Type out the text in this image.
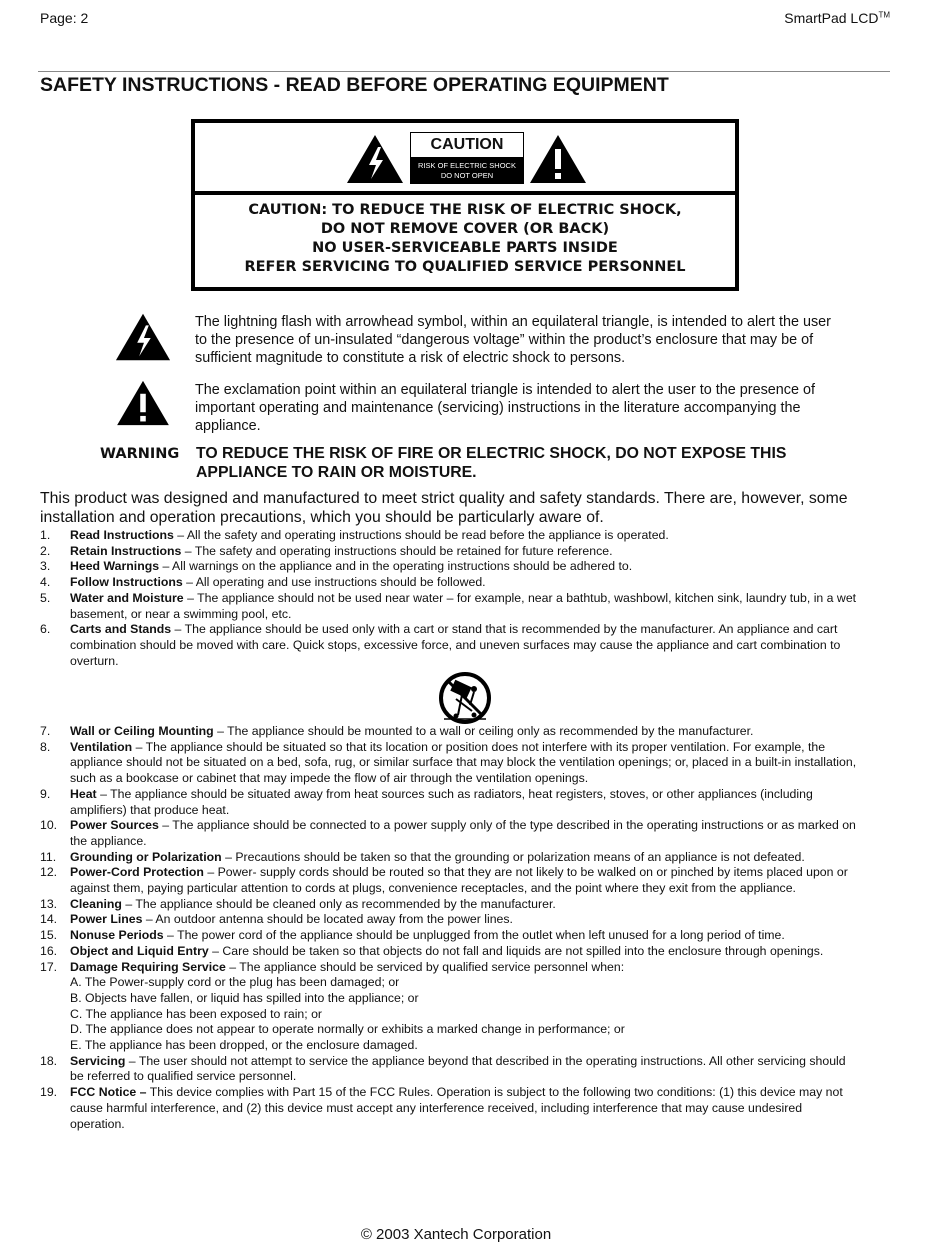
Page: 2	SmartPad LCD™
SAFETY INSTRUCTIONS - READ BEFORE OPERATING EQUIPMENT
CAUTION
RISK OF ELECTRIC SHOCK
DO NOT OPEN
CAUTION: TO REDUCE THE RISK OF ELECTRIC SHOCK,
DO NOT REMOVE COVER (OR BACK)
NO USER-SERVICEABLE PARTS INSIDE
REFER SERVICING TO QUALIFIED SERVICE PERSONNEL
The lightning flash with arrowhead symbol, within an equilateral triangle, is intended to alert the user to the presence of un-insulated “dangerous voltage” within the product’s enclosure that may be of sufficient magnitude to constitute a risk of electric shock to persons.
The exclamation point within an equilateral triangle is intended to alert the user to the presence of important operating and maintenance (servicing) instructions in the literature accompanying the appliance.
WARNING TO REDUCE THE RISK OF FIRE OR ELECTRIC SHOCK, DO NOT EXPOSE THIS APPLIANCE TO RAIN OR MOISTURE.
This product was designed and manufactured to meet strict quality and safety standards. There are, however, some installation and operation precautions, which you should be particularly aware of.
1. Read Instructions – All the safety and operating instructions should be read before the appliance is operated.
2. Retain Instructions – The safety and operating instructions should be retained for future reference.
3. Heed Warnings – All warnings on the appliance and in the operating instructions should be adhered to.
4. Follow Instructions – All operating and use instructions should be followed.
5. Water and Moisture – The appliance should not be used near water – for example, near a bathtub, washbowl, kitchen sink, laundry tub, in a wet basement, or near a swimming pool, etc.
6. Carts and Stands – The appliance should be used only with a cart or stand that is recommended by the manufacturer. An appliance and cart combination should be moved with care. Quick stops, excessive force, and uneven surfaces may cause the appliance and cart combination to overturn.
7. Wall or Ceiling Mounting – The appliance should be mounted to a wall or ceiling only as recommended by the manufacturer.
8. Ventilation – The appliance should be situated so that its location or position does not interfere with its proper ventilation. For example, the appliance should not be situated on a bed, sofa, rug, or similar surface that may block the ventilation openings; or, placed in a built-in installation, such as a bookcase or cabinet that may impede the flow of air through the ventilation openings.
9. Heat – The appliance should be situated away from heat sources such as radiators, heat registers, stoves, or other appliances (including amplifiers) that produce heat.
10. Power Sources – The appliance should be connected to a power supply only of the type described in the operating instructions or as marked on the appliance.
11. Grounding or Polarization – Precautions should be taken so that the grounding or polarization means of an appliance is not defeated.
12. Power-Cord Protection – Power- supply cords should be routed so that they are not likely to be walked on or pinched by items placed upon or against them, paying particular attention to cords at plugs, convenience receptacles, and the point where they exit from the appliance.
13. Cleaning – The appliance should be cleaned only as recommended by the manufacturer.
14. Power Lines – An outdoor antenna should be located away from the power lines.
15. Nonuse Periods – The power cord of the appliance should be unplugged from the outlet when left unused for a long period of time.
16. Object and Liquid Entry – Care should be taken so that objects do not fall and liquids are not spilled into the enclosure through openings.
17. Damage Requiring Service – The appliance should be serviced by qualified service personnel when:
A. The Power-supply cord or the plug has been damaged; or
B. Objects have fallen, or liquid has spilled into the appliance; or
C. The appliance has been exposed to rain; or
D. The appliance does not appear to operate normally or exhibits a marked change in performance; or
E. The appliance has been dropped, or the enclosure damaged.
18. Servicing – The user should not attempt to service the appliance beyond that described in the operating instructions. All other servicing should be referred to qualified service personnel.
19. FCC Notice – This device complies with Part 15 of the FCC Rules. Operation is subject to the following two conditions: (1) this device may not cause harmful interference, and (2) this device must accept any interference received, including interference that may cause undesired operation.
© 2003 Xantech Corporation
